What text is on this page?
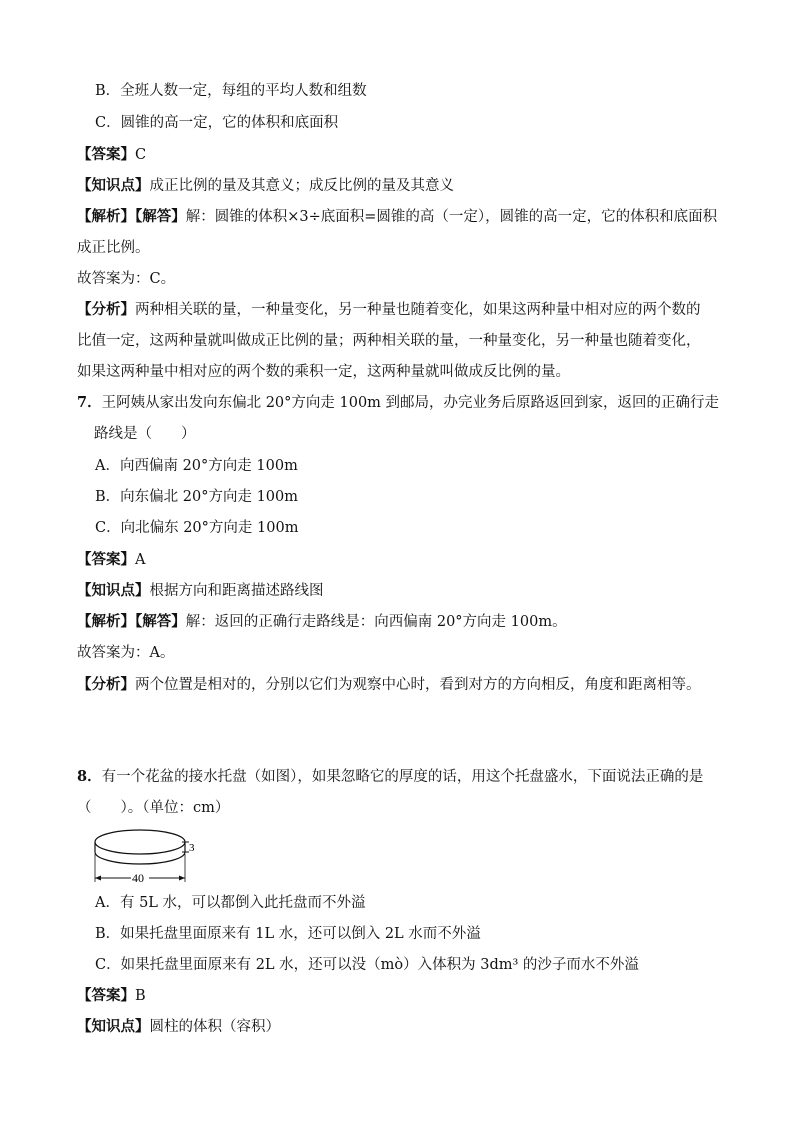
B．全班人数一定，每组的平均人数和组数
C．圆锥的高一定，它的体积和底面积
【答案】C
【知识点】成正比例的量及其意义；成反比例的量及其意义
【解析】【解答】解：圆锥的体积×3÷底面积=圆锥的高（一定），圆锥的高一定，它的体积和底面积
成正比例。
故答案为：C。
【分析】两种相关联的量，一种量变化，另一种量也随着变化，如果这两种量中相对应的两个数的
比值一定，这两种量就叫做成正比例的量；两种相关联的量，一种量变化，另一种量也随着变化，
如果这两种量中相对应的两个数的乘积一定，这两种量就叫做成反比例的量。
7．王阿姨从家出发向东偏北 20°方向走 100m 到邮局，办完业务后原路返回到家，返回的正确行走
路线是（　　）
A．向西偏南 20°方向走 100m
B．向东偏北 20°方向走 100m
C．向北偏东 20°方向走 100m
【答案】A
【知识点】根据方向和距离描述路线图
【解析】【解答】解：返回的正确行走路线是：向西偏南 20°方向走 100m。
故答案为：A。
【分析】两个位置是相对的，分别以它们为观察中心时，看到对方的方向相反，角度和距离相等。
8．有一个花盆的接水托盘（如图），如果忽略它的厚度的话，用这个托盘盛水，下面说法正确的是
（　　）。（单位：cm）
3
40
A．有 5L 水，可以都倒入此托盘而不外溢
B．如果托盘里面原来有 1L 水，还可以倒入 2L 水而不外溢
C．如果托盘里面原来有 2L 水，还可以没（mò）入体积为 3dm³ 的沙子而水不外溢
【答案】B
【知识点】圆柱的体积（容积）
